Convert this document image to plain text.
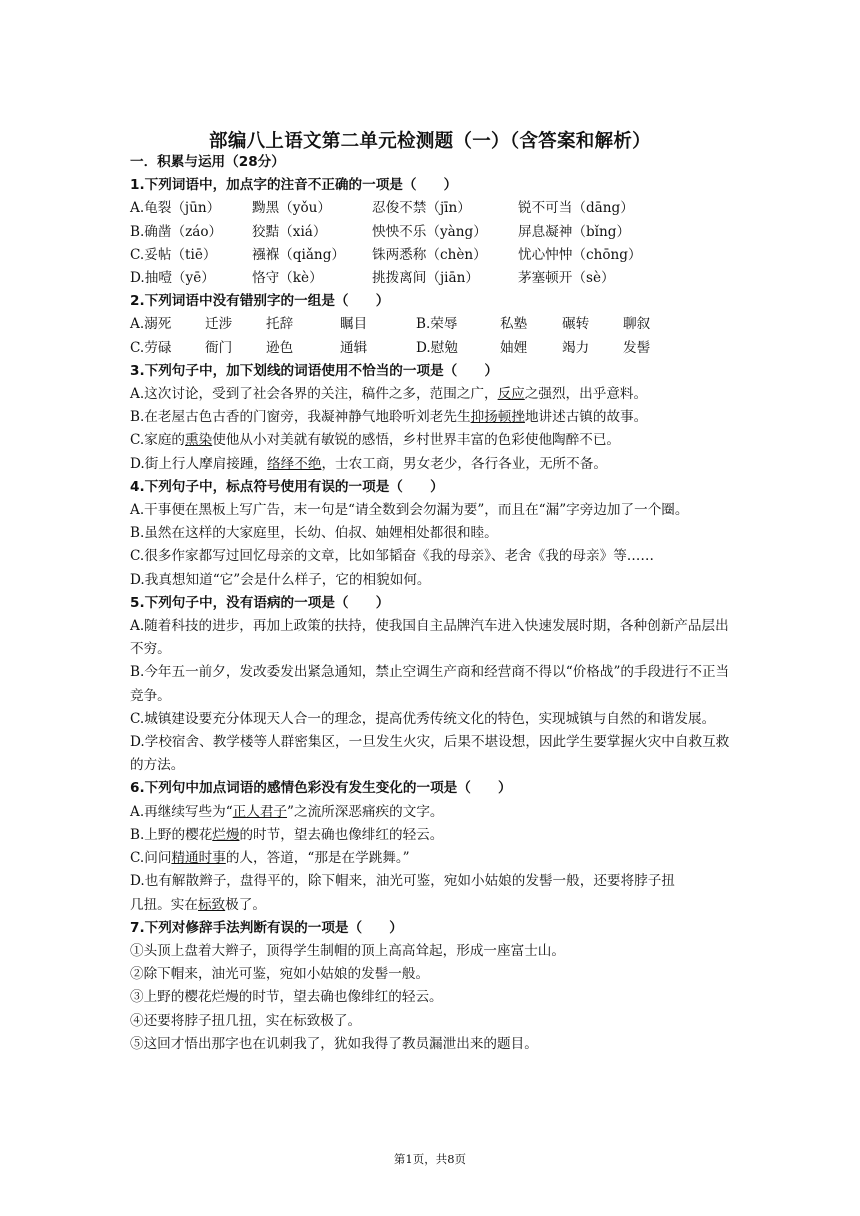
部编八上语文第二单元检测题（一）（含答案和解析）
一．积累与运用（28分）
1.下列词语中，加点字的注音不正确的一项是（　　）
A.龟裂（jūn）	黝黑（yǒu）	忍俊不禁（jīn）	锐不可当（dāng）
B.确凿（záo）	狡黠（xiá）	怏怏不乐（yàng）	屏息凝神（bǐng）
C.妥帖（tiē）	襁褓（qiǎng）	铢两悉称（chèn）	忧心忡忡（chōng）
D.抽噎（yē）	恪守（kè）	挑拨离间（jiān）	茅塞顿开（sè）
2.下列词语中没有错别字的一组是（　　）
A.溺死	迁涉	托辞	瞩目	B.荣辱	私塾	碾转	聊叙
C.劳碌	衙门	逊色	通辑	D.慰勉	妯娌	竭力	发髻
3.下列句子中，加下划线的词语使用不恰当的一项是（　　）
A.这次讨论，受到了社会各界的关注，稿件之多，范围之广，反应之强烈，出乎意料。
B.在老屋古色古香的门窗旁，我凝神静气地聆听刘老先生抑扬顿挫地讲述古镇的故事。
C.家庭的熏染使他从小对美就有敏锐的感悟，乡村世界丰富的色彩使他陶醉不已。
D.街上行人摩肩接踵，络绎不绝，士农工商，男女老少，各行各业，无所不备。
4.下列句子中，标点符号使用有误的一项是（　　）
A.干事便在黑板上写广告，末一句是“请全数到会勿漏为要”，而且在“漏”字旁边加了一个圈。
B.虽然在这样的大家庭里，长幼、伯叔、妯娌相处都很和睦。
C.很多作家都写过回忆母亲的文章，比如邹韬奋《我的母亲》、老舍《我的母亲》等……
D.我真想知道“它”会是什么样子，它的相貌如何。
5.下列句子中，没有语病的一项是（　　）
A.随着科技的进步，再加上政策的扶持，使我国自主品牌汽车进入快速发展时期，各种创新产品层出不穷。
B.今年五一前夕，发改委发出紧急通知，禁止空调生产商和经营商不得以“价格战”的手段进行不正当竞争。
C.城镇建设要充分体现天人合一的理念，提高优秀传统文化的特色，实现城镇与自然的和谐发展。
D.学校宿舍、教学楼等人群密集区，一旦发生火灾，后果不堪设想，因此学生要掌握火灾中自救互救的方法。
6.下列句中加点词语的感情色彩没有发生变化的一项是（　　）
A.再继续写些为“正人君子”之流所深恶痛疾的文字。
B.上野的樱花烂熳的时节，望去确也像绯红的轻云。
C.问问精通时事的人，答道，“那是在学跳舞。”
D.也有解散辫子，盘得平的，除下帽来，油光可鉴，宛如小姑娘的发髻一般，还要将脖子扭
几扭。实在标致极了。
7.下列对修辞手法判断有误的一项是（　　）
①头顶上盘着大辫子，顶得学生制帽的顶上高高耸起，形成一座富士山。
②除下帽来，油光可鉴，宛如小姑娘的发髻一般。
③上野的樱花烂熳的时节，望去确也像绯红的轻云。
④还要将脖子扭几扭，实在标致极了。
⑤这回才悟出那字也在讥刺我了，犹如我得了教员漏泄出来的题目。
第1页，共8页
